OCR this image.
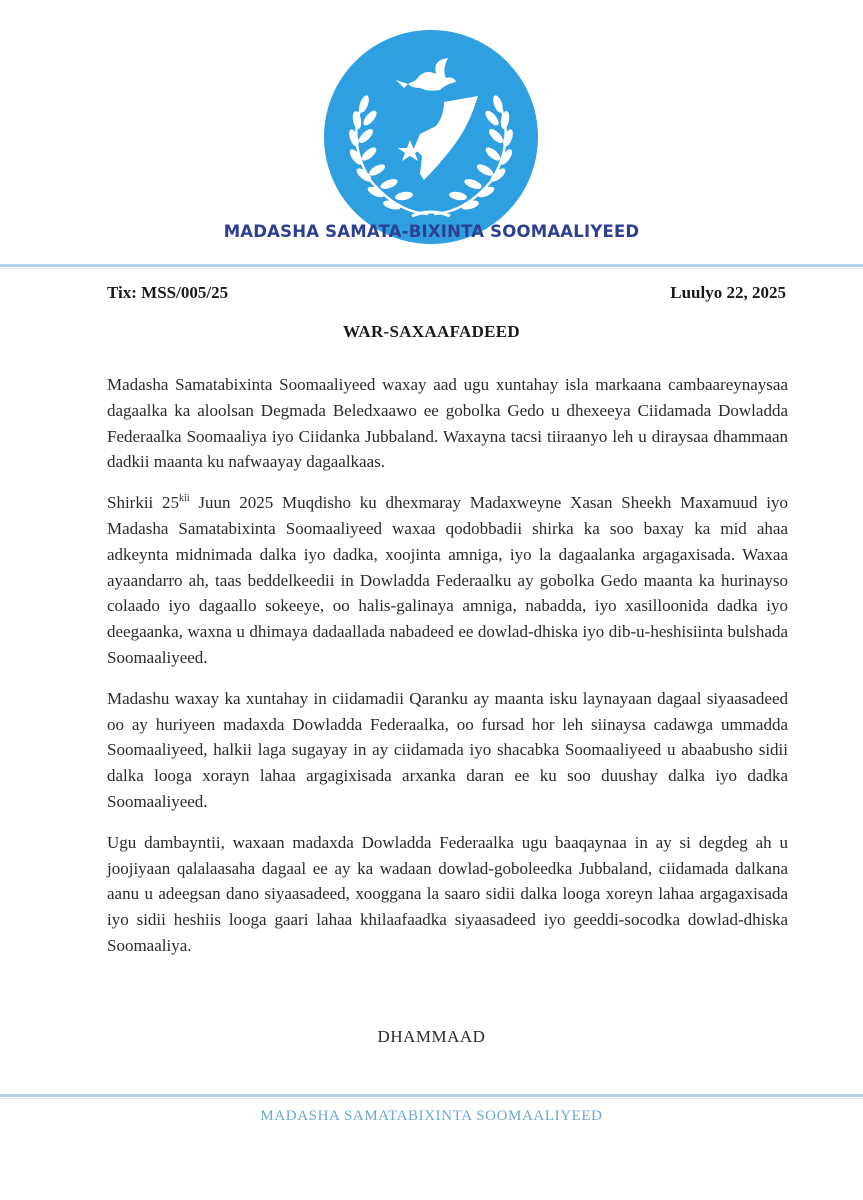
MADASHA SAMATA-BIXINTA SOOMAALIYEED
Tix: MSS/005/25	Luulyo 22, 2025
WAR-SAXAAFADEED

Madasha Samatabixinta Soomaaliyeed waxay aad ugu xuntahay isla markaana cambaareynaysaa dagaalka ka aloolsan Degmada Beledxaawo ee gobolka Gedo u dhexeeya Ciidamada Dowladda Federaalka Soomaaliya iyo Ciidanka Jubbaland. Waxayna tacsi tiiraanyo leh u diraysaa dhammaan dadkii maanta ku nafwaayay dagaalkaas.

Shirkii $25^{kii}$ Juun 2025 Muqdisho ku dhexmaray Madaxweyne Xasan Sheekh Maxamuud iyo Madasha Samatabixinta Soomaaliyeed waxaa qodobbadii shirka ka soo baxay ka mid ahaa adkeynta midnimada dalka iyo dadka, xoojinta amniga, iyo la dagaalanka argagaxisada. Waxaa ayaandarro ah, taas beddelkeedii in Dowladda Federaalku ay gobolka Gedo maanta ka hurinayso colaado iyo dagaallo sokeeye, oo halis-galinaya amniga, nabadda, iyo xasilloonida dadka iyo deegaanka, waxna u dhimaya dadaallada nabadeed ee dowlad-dhiska iyo dib-u-heshisiinta bulshada Soomaaliyeed.

Madashu waxay ka xuntahay in ciidamadii Qaranku ay maanta isku laynayaan dagaal siyaasadeed oo ay huriyeen madaxda Dowladda Federaalka, oo fursad hor leh siinaysa cadawga ummadda Soomaaliyeed, halkii laga sugayay in ay ciidamada iyo shacabka Soomaaliyeed u abaabusho sidii dalka looga xorayn lahaa argagixisada arxanka daran ee ku soo duushay dalka iyo dadka Soomaaliyeed.

Ugu dambayntii, waxaan madaxda Dowladda Federaalka ugu baaqaynaa in ay si degdeg ah u joojiyaan qalalaasaha dagaal ee ay ka wadaan dowlad-goboleedka Jubbaland, ciidamada dalkana aanu u adeegsan dano siyaasadeed, xooggana la saaro sidii dalka looga xoreyn lahaa argagaxisada iyo sidii heshiis looga gaari lahaa khilaafaadka siyaasadeed iyo geeddi-socodka dowlad-dhiska Soomaaliya.

DHAMMAAD
MADASHA SAMATABIXINTA SOOMAALIYEED
